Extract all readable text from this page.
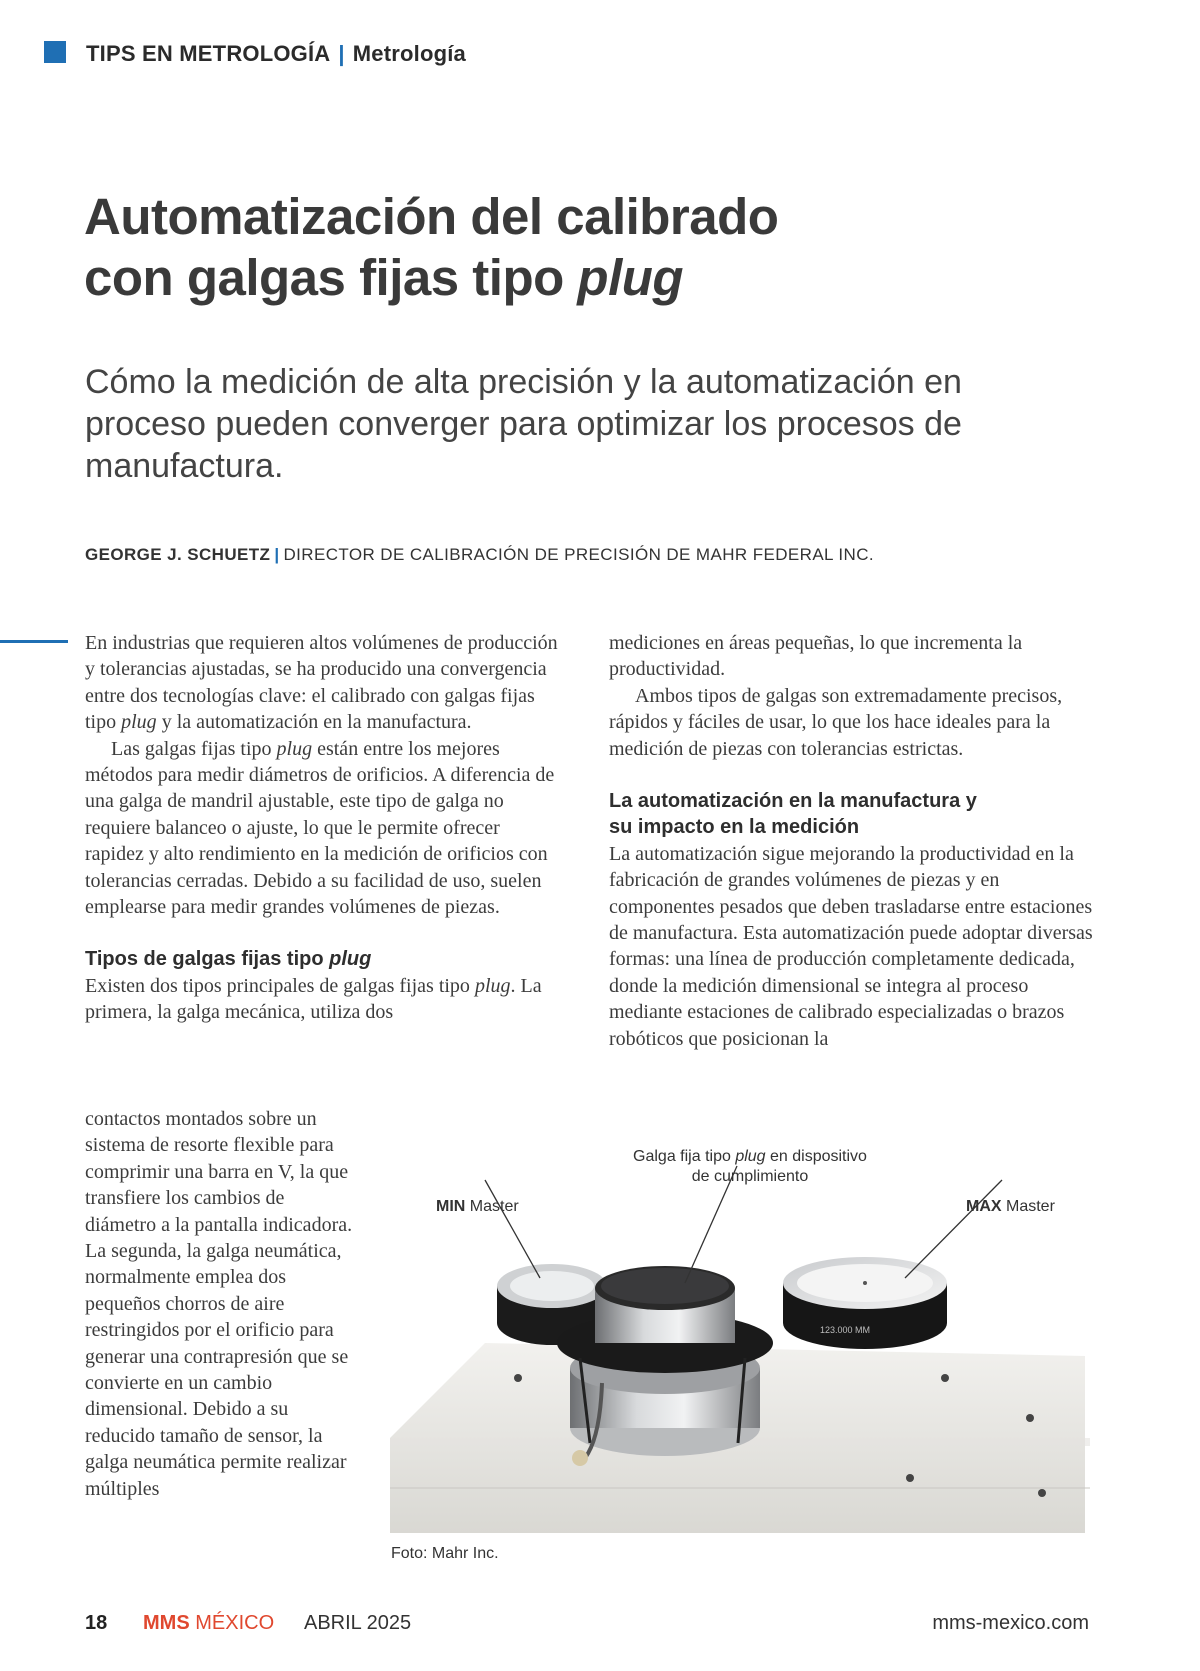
TIPS EN METROLOGÍA | Metrología
Automatización del calibrado
con galgas fijas tipo plug
Cómo la medición de alta precisión y la automatización en proceso pueden converger para optimizar los procesos de manufactura.
GEORGE J. SCHUETZ | DIRECTOR DE CALIBRACIÓN DE PRECISIÓN DE MAHR FEDERAL INC.

En industrias que requieren altos volúmenes de producción y tolerancias ajustadas, se ha producido una convergencia entre dos tecnologías clave: el calibrado con galgas fijas tipo plug y la automatización en la manufactura.

Las galgas fijas tipo plug están entre los mejores métodos para medir diámetros de orificios. A diferencia de una galga de mandril ajustable, este tipo de galga no requiere balanceo o ajuste, lo que le permite ofrecer rapidez y alto rendimiento en la medición de orificios con tolerancias cerradas. Debido a su facilidad de uso, suelen emplearse para medir grandes volúmenes de piezas.

Tipos de galgas fijas tipo plug

Existen dos tipos principales de galgas fijas tipo plug. La primera, la galga mecánica, utiliza dos

contactos montados sobre un sistema de resorte flexible para comprimir una barra en V, la que transfiere los cambios de diámetro a la pantalla indicadora. La segunda, la galga neumática, normalmente emplea dos pequeños chorros de aire restringidos por el orificio para generar una contrapresión que se convierte en un cambio dimensional. Debido a su reducido tamaño de sensor, la galga neumática permite realizar múltiples

mediciones en áreas pequeñas, lo que incrementa la productividad.

Ambos tipos de galgas son extremadamente precisos, rápidos y fáciles de usar, lo que los hace ideales para la medición de piezas con tolerancias estrictas.

La automatización en la manufactura y su impacto en la medición

La automatización sigue mejorando la productividad en la fabricación de grandes volúmenes de piezas y en componentes pesados que deben trasladarse entre estaciones de manufactura. Esta automatización puede adoptar diversas formas: una línea de producción completamente dedicada, donde la medición dimensional se integra al proceso mediante estaciones de calibrado especializadas o brazos robóticos que posicionan la

123.000 MM
Galga fija tipo plug en dispositivo
de cumplimiento
MIN Master	MAX Master
Foto: Mahr Inc.
18 MMS MÉXICO ABRIL 2025	mms-mexico.com
